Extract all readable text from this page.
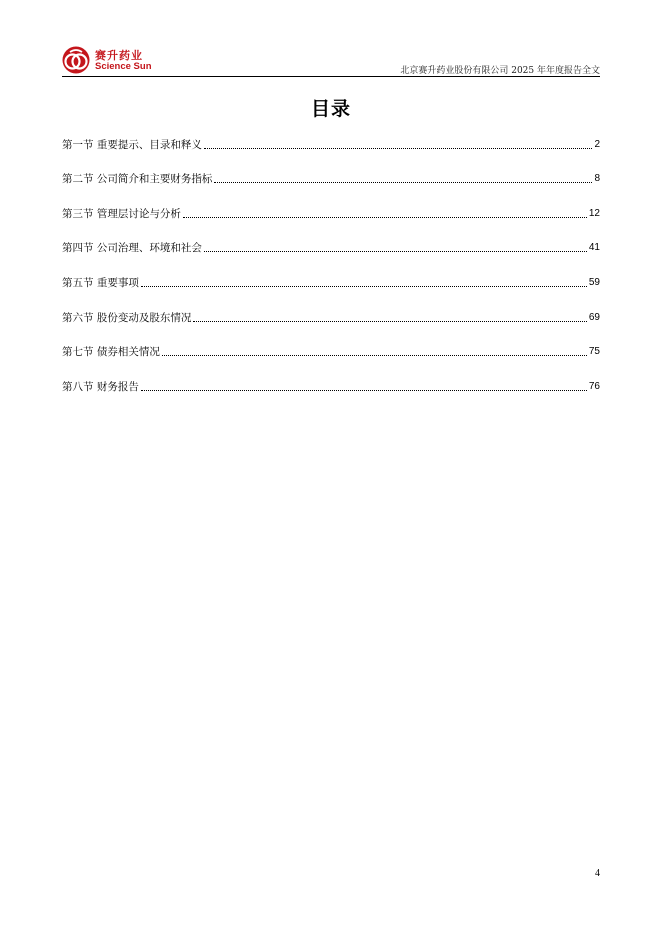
赛升药业
Science Sun	北京赛升药业股份有限公司 2025 年年度报告全文
目录
第一节 重要提示、目录和释义	2
第二节 公司简介和主要财务指标	8
第三节 管理层讨论与分析	12
第四节 公司治理、环境和社会	41
第五节 重要事项	59
第六节 股份变动及股东情况	69
第七节 债券相关情况	75
第八节 财务报告	76
4
